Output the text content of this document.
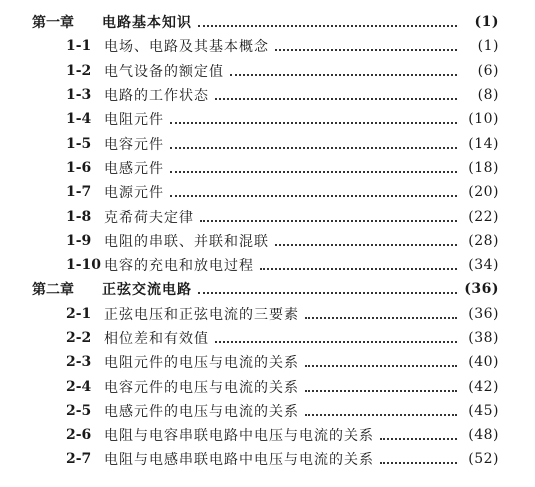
第一章	电路基本知识	(1)
1-1 电场、电路及其基本概念	(1)
1-2 电气设备的额定值	(6)
1-3 电路的工作状态	(8)
1-4 电阻元件	(10)
1-5 电容元件	(14)
1-6 电感元件	(18)
1-7 电源元件	(20)
1-8 克希荷夫定律	(22)
1-9 电阻的串联、并联和混联	(28)
1-10 电容的充电和放电过程	(34)
第二章	正弦交流电路	(36)
2-1 正弦电压和正弦电流的三要素	(36)
2-2 相位差和有效值	(38)
2-3 电阻元件的电压与电流的关系	(40)
2-4 电容元件的电压与电流的关系	(42)
2-5 电感元件的电压与电流的关系	(45)
2-6 电阻与电容串联电路中电压与电流的关系	(48)
2-7 电阻与电感串联电路中电压与电流的关系	(52)
